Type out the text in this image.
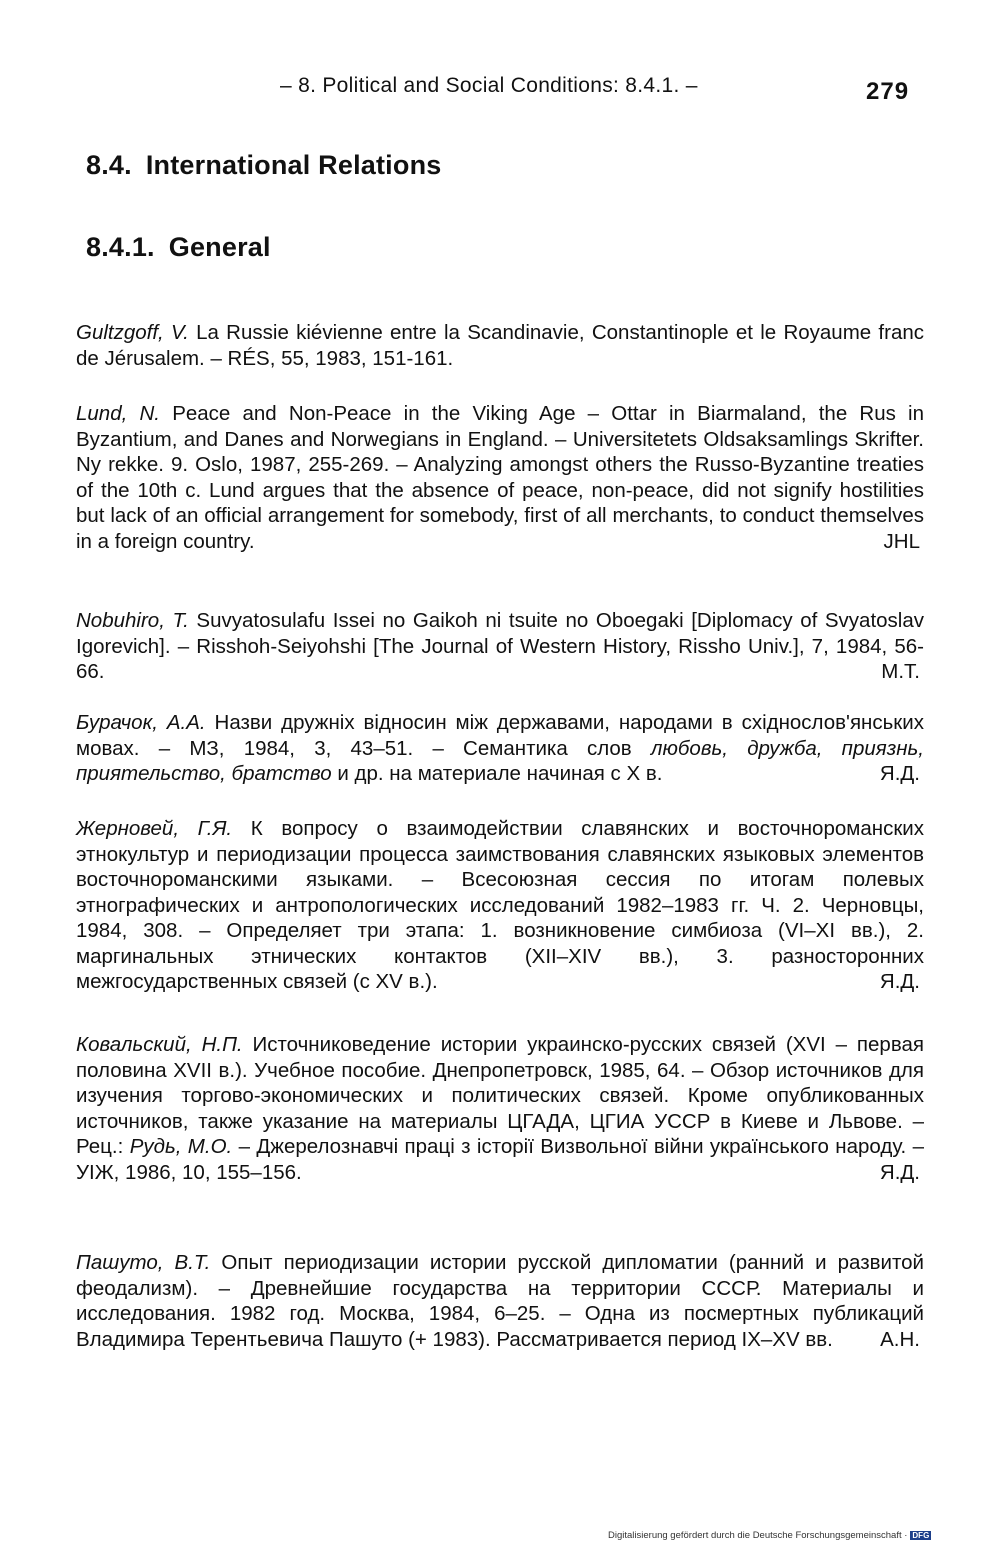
– 8. Political and Social Conditions: 8.4.1. –	279
8.4. International Relations
8.4.1. General
Gultzgoff, V. La Russie kiévienne entre la Scandinavie, Constantinople et le Royaume franc de Jérusalem. – RÉS, 55, 1983, 151-161.
Lund, N. Peace and Non-Peace in the Viking Age – Ottar in Biarmaland, the Rus in Byzantium, and Danes and Norwegians in England. – Universitetets Oldsaksamlings Skrifter. Ny rekke. 9. Oslo, 1987, 255-269. – Analyzing amongst others the Russo-Byzantine treaties of the 10th c. Lund argues that the absence of peace, non-peace, did not signify hostilities but lack of an official arrangement for somebody, first of all merchants, to conduct themselves in a foreign country.	JHL
Nobuhiro, T. Suvyatosulafu Issei no Gaikoh ni tsuite no Oboegaki [Diplomacy of Svyatoslav Igorevich]. – Risshoh-Seiyohshi [The Journal of Western History, Rissho Univ.], 7, 1984, 56-66.	M.T.
Бурачок, А.А. Назви дружніх відносин між державами, народами в східнослов'янських мовах. – МЗ, 1984, 3, 43–51. – Семантика слов любовь, дружба, приязнь, приятельство, братство и др. на материале начиная с X в.	Я.Д.
Жерновей, Г.Я. К вопросу о взаимодействии славянских и восточнороманских этнокультур и периодизации процесса заимствования славянских языковых элементов восточнороманскими языками. – Всесоюзная сессия по итогам полевых этнографических и антропологических исследований 1982–1983 гг. Ч. 2. Черновцы, 1984, 308. – Определяет три этапа: 1. возникновение симбиоза (VI–XI вв.), 2. маргинальных этнических контактов (XII–XIV вв.), 3. разносторонних межгосударственных связей (с XV в.).	Я.Д.
Ковальский, Н.П. Источниковедение истории украинско-русских связей (XVI – первая половина XVII в.). Учебное пособие. Днепропетровск, 1985, 64. – Обзор источников для изучения торгово-экономических и политических связей. Кроме опубликованных источников, также указание на материалы ЦГАДА, ЦГИА УССР в Киеве и Львове. – Рец.: Рудь, М.О. – Джерелознавчі праці з історії Визвольної війни українського народу. – УІЖ, 1986, 10, 155–156.	Я.Д.
Пашуто, В.Т. Опыт периодизации истории русской дипломатии (ранний и развитой феодализм). – Древнейшие государства на территории СССР. Материалы и исследования. 1982 год. Москва, 1984, 6–25. – Одна из посмертных публикаций Владимира Терентьевича Пашуто (+ 1983). Рассматривается период IX–XV вв. А.Н.
Digitalisierung gefördert durch die Deutsche Forschungsgemeinschaft · DFG
